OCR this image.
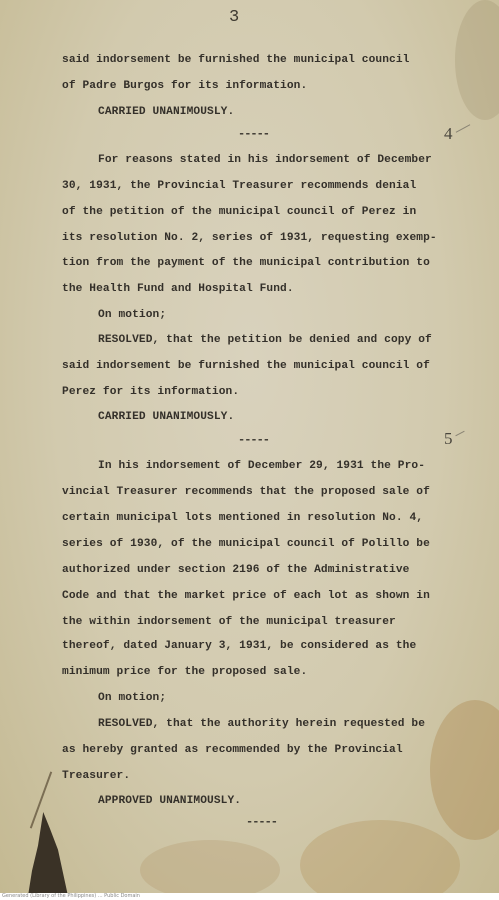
3
4
5
said indorsement be furnished the municipal council
of Padre Burgos for its information.
CARRIED UNANIMOUSLY.
-----
For reasons stated in his indorsement of December
30, 1931, the Provincial Treasurer recommends denial
of the petition of the municipal council of Perez in
its resolution No. 2, series of 1931, requesting exemp-
tion from the payment of the municipal contribution to
the Health Fund and Hospital Fund.
On motion;
RESOLVED, that the petition be denied and copy of
said indorsement be furnished the municipal council of
Perez for its information.
CARRIED UNANIMOUSLY.
-----
In his indorsement of December 29, 1931 the Pro-
vincial Treasurer recommends that the proposed sale of
certain municipal lots mentioned in resolution No. 4,
series of 1930, of the municipal council of Polillo be
authorized under section 2196 of the Administrative
Code and that the market price of each lot as shown in
the within indorsement of the municipal treasurer
thereof, dated January 3, 1931, be considered as the
minimum price for the proposed sale.
On motion;
RESOLVED, that the authority herein requested be
as hereby granted as recommended by the Provincial
Treasurer.
APPROVED UNANIMOUSLY.
-----
Generated (Library of the Philippines) ... Public Domain
